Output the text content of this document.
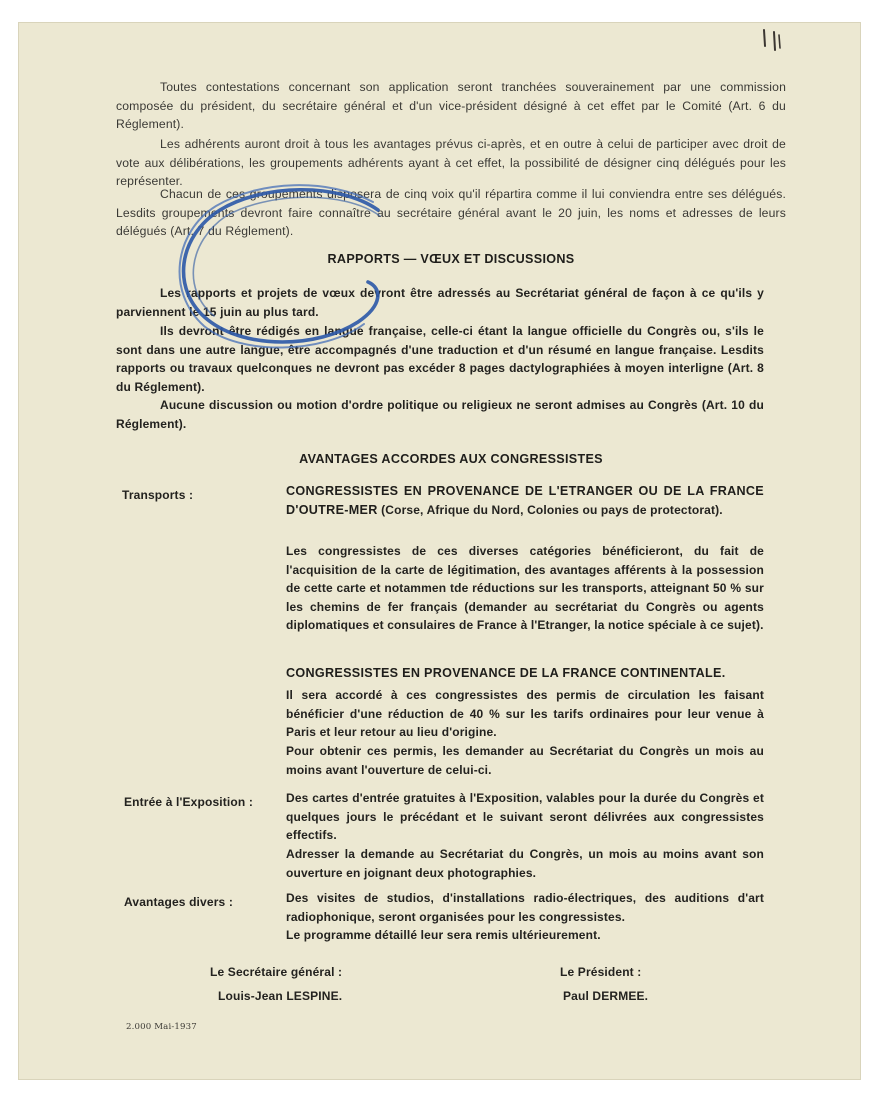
Toutes contestations concernant son application seront tranchées souverainement par une commission composée du président, du secrétaire général et d'un vice-président désigné à cet effet par le Comité (Art. 6 du Réglement).
Les adhérents auront droit à tous les avantages prévus ci-après, et en outre à celui de participer avec droit de vote aux délibérations, les groupements adhérents ayant à cet effet, la possibilité de désigner cinq délégués pour les représenter.
Chacun de ces groupements disposera de cinq voix qu'il répartira comme il lui conviendra entre ses délégués. Lesdits groupements devront faire connaître au secrétaire général avant le 20 juin, les noms et adresses de leurs délégués (Art. 7 du Réglement).
RAPPORTS — VŒUX ET DISCUSSIONS
Les rapports et projets de vœux devront être adressés au Secrétariat général de façon à ce qu'ils y parviennent le 15 juin au plus tard.
Ils devront être rédigés en langue française, celle-ci étant la langue officielle du Congrès ou, s'ils le sont dans une autre langue, être accompagnés d'une traduction et d'un résumé en langue française. Lesdits rapports ou travaux quelconques ne devront pas excéder 8 pages dactylographiées à moyen interligne (Art. 8 du Réglement).
Aucune discussion ou motion d'ordre politique ou religieux ne seront admises au Congrès (Art. 10 du Réglement).
AVANTAGES ACCORDES AUX CONGRESSISTES
Transports :	CONGRESSISTES EN PROVENANCE DE L'ETRANGER OU DE LA FRANCE D'OUTRE-MER (Corse, Afrique du Nord, Colonies ou pays de protectorat).
Les congressistes de ces diverses catégories bénéficieront, du fait de l'acquisition de la carte de légitimation, des avantages afférents à la possession de cette carte et notammen tde réductions sur les transports, atteignant 50 % sur les chemins de fer français (demander au secrétariat du Congrès ou agents diplomatiques et consulaires de France à l'Etranger, la notice spéciale à ce sujet).
CONGRESSISTES EN PROVENANCE DE LA FRANCE CONTINENTALE.
Il sera accordé à ces congressistes des permis de circulation les faisant bénéficier d'une réduction de 40 % sur les tarifs ordinaires pour leur venue à Paris et leur retour au lieu d'origine.
Pour obtenir ces permis, les demander au Secrétariat du Congrès un mois au moins avant l'ouverture de celui-ci.
Entrée à l'Exposition :	Des cartes d'entrée gratuites à l'Exposition, valables pour la durée du Congrès et quelques jours le précédant et le suivant seront délivrées aux congressistes effectifs.
Adresser la demande au Secrétariat du Congrès, un mois au moins avant son ouverture en joignant deux photographies.
Avantages divers :	Des visites de studios, d'installations radio-électriques, des auditions d'art radiophonique, seront organisées pour les congressistes.
Le programme détaillé leur sera remis ultérieurement.
Le Secrétaire général :
Louis-Jean LESPINE.
Le Président :
Paul DERMEE.
2.000 Mai-1937
